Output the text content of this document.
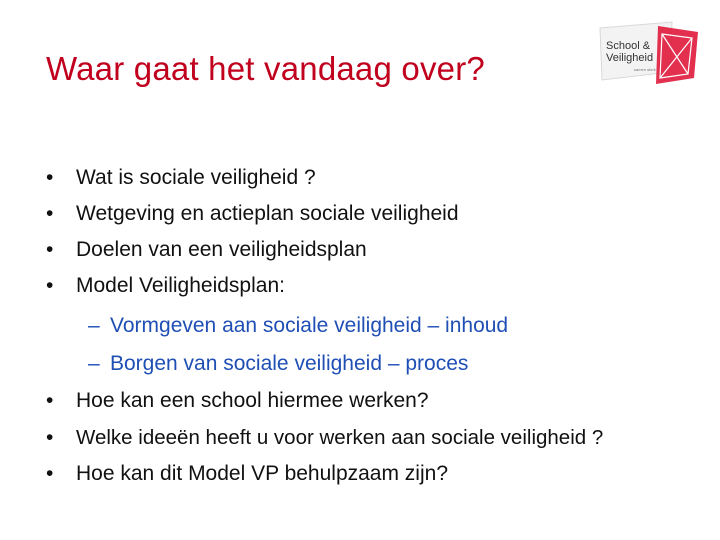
Waar gaat het vandaag over?
School &
Veiligheid
samen sterk
•	Wat is sociale veiligheid ?
•	Wetgeving en actieplan sociale veiligheid
•	Doelen van een veiligheidsplan
•	Model Veiligheidsplan:
– Vormgeven aan sociale veiligheid – inhoud
– Borgen van sociale veiligheid – proces
•	Hoe kan een school hiermee werken?
•	Welke ideeën heeft u voor werken aan sociale veiligheid ?
•	Hoe kan dit Model VP behulpzaam zijn?
